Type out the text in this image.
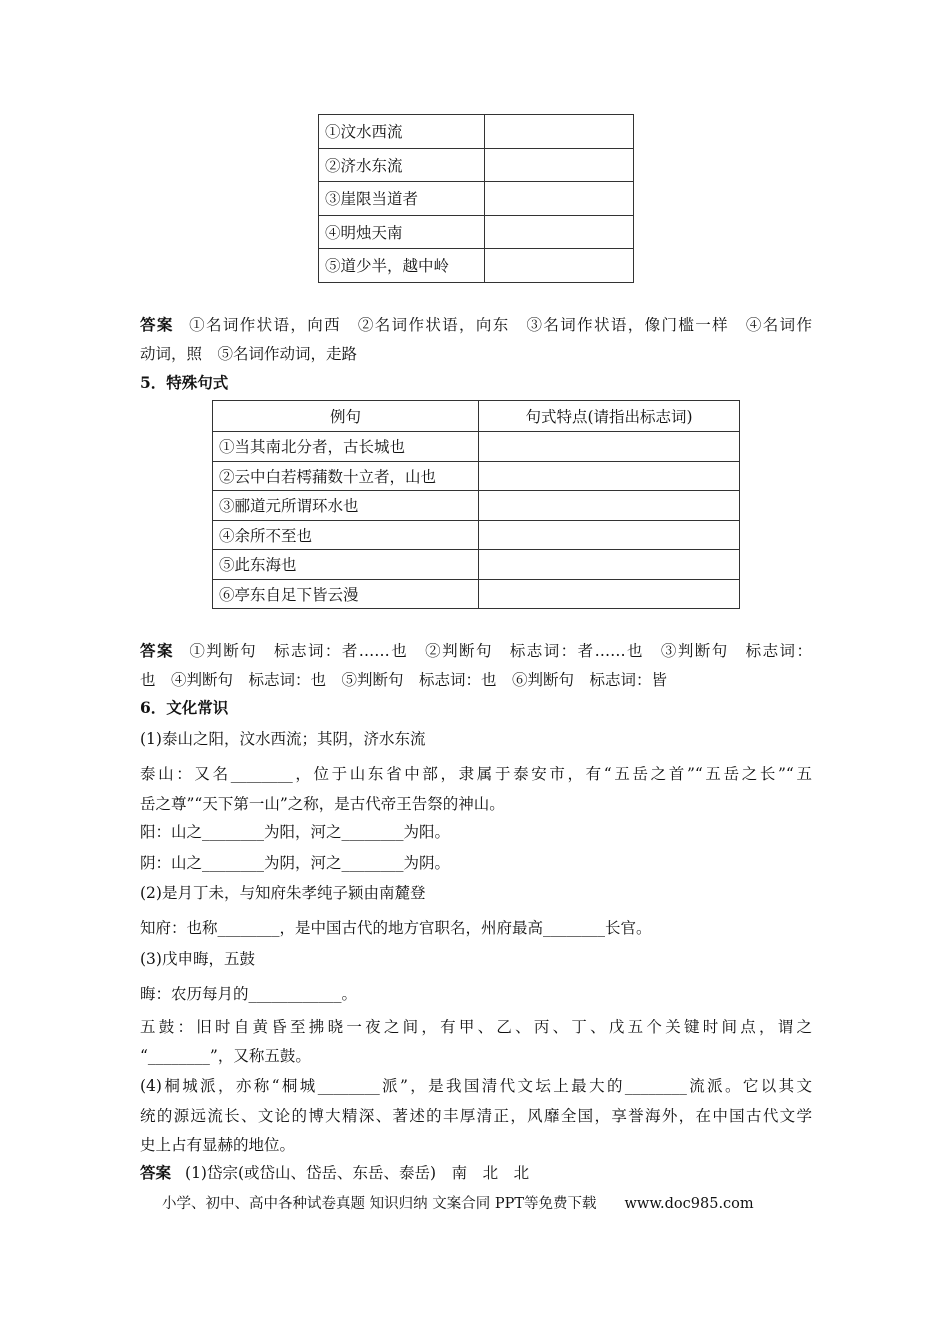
①汶水西流	
②济水东流	
③崖限当道者	
④明烛天南	
⑤道少半，越中岭	
答案 ①名词作状语，向西　②名词作状语，向东　③名词作状语，像门槛一样　④名词作
动词，照　⑤名词作动词，走路
5．特殊句式
例句	句式特点(请指出标志词)
①当其南北分者，古长城也	
②云中白若樗蒱数十立者，山也	
③郦道元所谓环水也	
④余所不至也	
⑤此东海也	
⑥亭东自足下皆云漫	
答案 ①判断句　标志词：者……也　②判断句　标志词：者……也　③判断句　标志词：
也　④判断句　标志词：也　⑤判断句　标志词：也　⑥判断句　标志词：皆
6．文化常识
(1)泰山之阳，汶水西流；其阴，济水东流
泰山：又名________，位于山东省中部，隶属于泰安市，有“五岳之首”“五岳之长”“五
岳之尊”“天下第一山”之称，是古代帝王告祭的神山。
阳：山之________为阳，河之________为阳。
阴：山之________为阴，河之________为阴。
(2)是月丁未，与知府朱孝纯子颍由南麓登
知府：也称________，是中国古代的地方官职名，州府最高________长官。
(3)戊申晦，五鼓
晦：农历每月的____________。
五鼓：旧时自黄昏至拂晓一夜之间，有甲、乙、丙、丁、戊五个关键时间点，谓之
“________”，又称五鼓。
(4)桐城派，亦称“桐城________派”，是我国清代文坛上最大的________流派。它以其文
统的源远流长、文论的博大精深、著述的丰厚清正，风靡全国，享誉海外，在中国古代文学
史上占有显赫的地位。
答案 (1)岱宗(或岱山、岱岳、东岳、泰岳)　南　北　北
小学、初中、高中各种试卷真题 知识归纳 文案合同 PPT等免费下载 www.doc985.com
